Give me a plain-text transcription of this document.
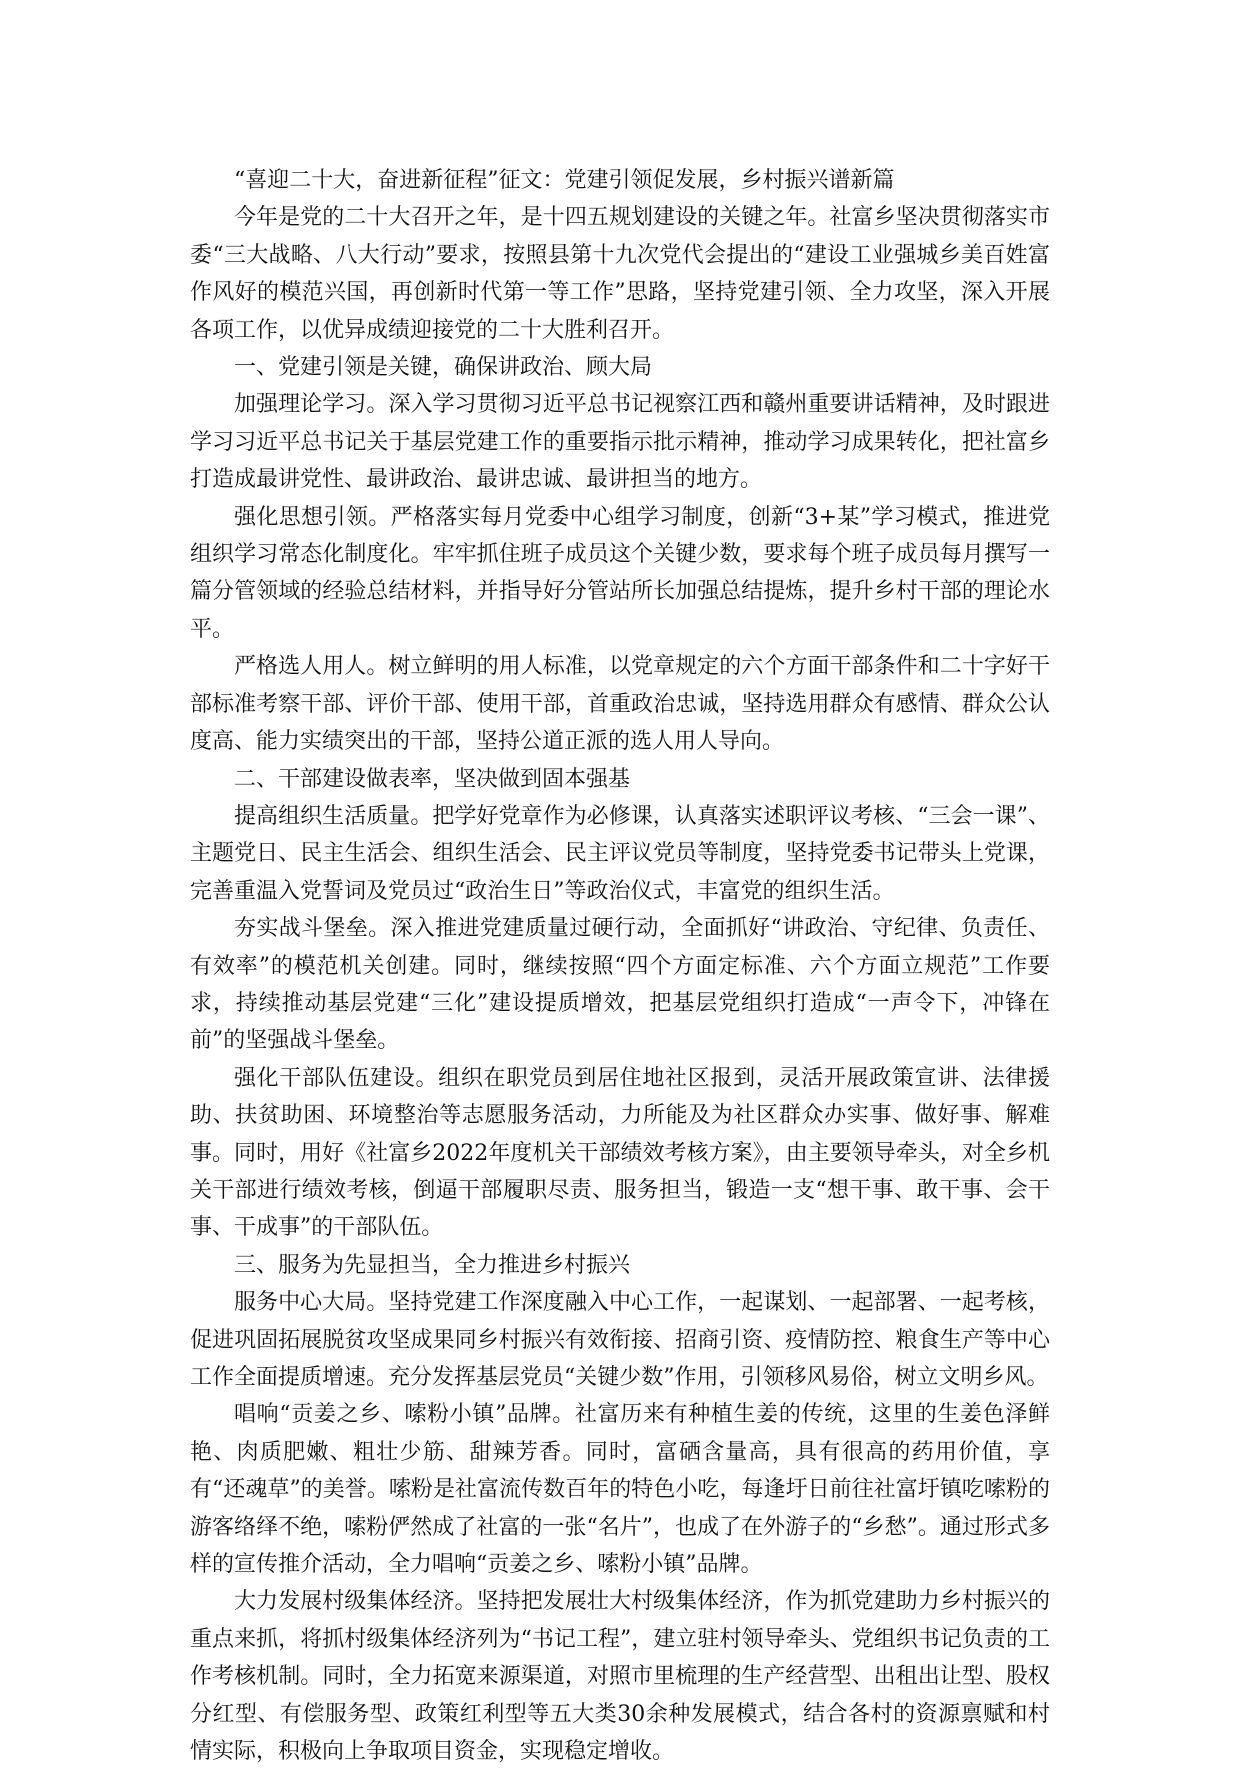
“喜迎二十大，奋进新征程”征文：党建引领促发展，乡村振兴谱新篇

今年是党的二十大召开之年，是十四五规划建设的关键之年。社富乡坚决贯彻落实市委“三大战略、八大行动”要求，按照县第十九次党代会提出的“建设工业强城乡美百姓富作风好的模范兴国，再创新时代第一等工作”思路，坚持党建引领、全力攻坚，深入开展各项工作，以优异成绩迎接党的二十大胜利召开。

一、党建引领是关键，确保讲政治、顾大局

加强理论学习。深入学习贯彻习近平总书记视察江西和赣州重要讲话精神，及时跟进学习习近平总书记关于基层党建工作的重要指示批示精神，推动学习成果转化，把社富乡打造成最讲党性、最讲政治、最讲忠诚、最讲担当的地方。

强化思想引领。严格落实每月党委中心组学习制度，创新“3+某”学习模式，推进党组织学习常态化制度化。牢牢抓住班子成员这个关键少数，要求每个班子成员每月撰写一篇分管领域的经验总结材料，并指导好分管站所长加强总结提炼，提升乡村干部的理论水平。

严格选人用人。树立鲜明的用人标准，以党章规定的六个方面干部条件和二十字好干部标准考察干部、评价干部、使用干部，首重政治忠诚，坚持选用群众有感情、群众公认度高、能力实绩突出的干部，坚持公道正派的选人用人导向。

二、干部建设做表率，坚决做到固本强基

提高组织生活质量。把学好党章作为必修课，认真落实述职评议考核、“三会一课”、主题党日、民主生活会、组织生活会、民主评议党员等制度，坚持党委书记带头上党课，完善重温入党誓词及党员过“政治生日”等政治仪式，丰富党的组织生活。

夯实战斗堡垒。深入推进党建质量过硬行动，全面抓好“讲政治、守纪律、负责任、有效率”的模范机关创建。同时，继续按照“四个方面定标准、六个方面立规范”工作要求，持续推动基层党建“三化”建设提质增效，把基层党组织打造成“一声令下，冲锋在前”的坚强战斗堡垒。

强化干部队伍建设。组织在职党员到居住地社区报到，灵活开展政策宣讲、法律援助、扶贫助困、环境整治等志愿服务活动，力所能及为社区群众办实事、做好事、解难事。同时，用好《社富乡2022年度机关干部绩效考核方案》，由主要领导牵头，对全乡机关干部进行绩效考核，倒逼干部履职尽责、服务担当，锻造一支“想干事、敢干事、会干事、干成事”的干部队伍。

三、服务为先显担当，全力推进乡村振兴

服务中心大局。坚持党建工作深度融入中心工作，一起谋划、一起部署、一起考核，促进巩固拓展脱贫攻坚成果同乡村振兴有效衔接、招商引资、疫情防控、粮食生产等中心工作全面提质增速。充分发挥基层党员“关键少数”作用，引领移风易俗，树立文明乡风。

唱响“贡姜之乡、嗦粉小镇”品牌。社富历来有种植生姜的传统，这里的生姜色泽鲜艳、肉质肥嫩、粗壮少筋、甜辣芳香。同时，富硒含量高，具有很高的药用价值，享有“还魂草”的美誉。嗦粉是社富流传数百年的特色小吃，每逢圩日前往社富圩镇吃嗦粉的游客络绎不绝，嗦粉俨然成了社富的一张“名片”，也成了在外游子的“乡愁”。通过形式多样的宣传推介活动，全力唱响“贡姜之乡、嗦粉小镇”品牌。

大力发展村级集体经济。坚持把发展壮大村级集体经济，作为抓党建助力乡村振兴的重点来抓，将抓村级集体经济列为“书记工程”，建立驻村领导牵头、党组织书记负责的工作考核机制。同时，全力拓宽来源渠道，对照市里梳理的生产经营型、出租出让型、股权分红型、有偿服务型、政策红利型等五大类30余种发展模式，结合各村的资源禀赋和村情实际，积极向上争取项目资金，实现稳定增收。
